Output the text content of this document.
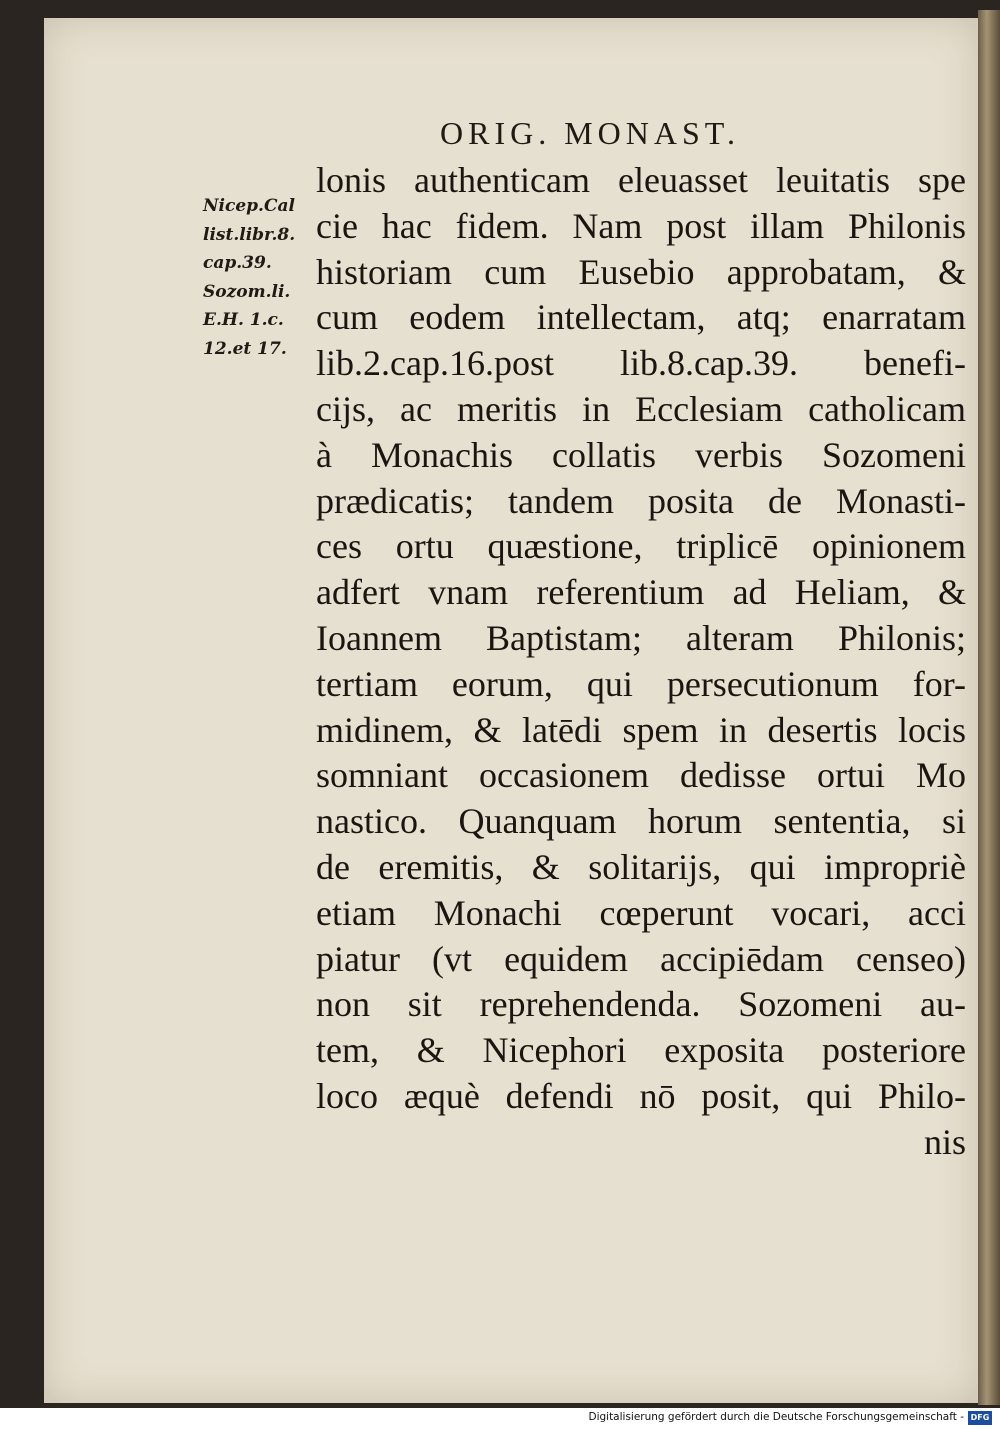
ORIG. MONAST.
Nicep.Cal
list.libr.8.
cap.39.
Sozom.li.
E.H. 1.c.
12.et 17.
lonis authenticam eleuasset leuitatis spe
cie hac fidem. Nam post illam Philonis
historiam cum Eusebio approbatam, &
cum eodem intellectam, atq; enarratam
lib.2.cap.16.post lib.8.cap.39. benefi-
cijs, ac meritis in Ecclesiam catholicam
à Monachis collatis verbis Sozomeni
prædicatis; tandem posita de Monasti-
ces ortu quæstione, triplicē opinionem
adfert vnam referentium ad Heliam, &
Ioannem Baptistam; alteram Philonis;
tertiam eorum, qui persecutionum for-
midinem, & latēdi spem in desertis locis
somniant occasionem dedisse ortui Mo
nastico. Quanquam horum sententia, si
de eremitis, & solitarijs, qui impropriè
etiam Monachi cœperunt vocari, acci
piatur (vt equidem accipiēdam censeo)
non sit reprehendenda. Sozomeni au-
tem, & Nicephori exposita posteriore
loco æquè defendi nō posit, qui Philo-
nis
Digitalisierung gefördert durch die Deutsche Forschungsgemeinschaft - DFG
